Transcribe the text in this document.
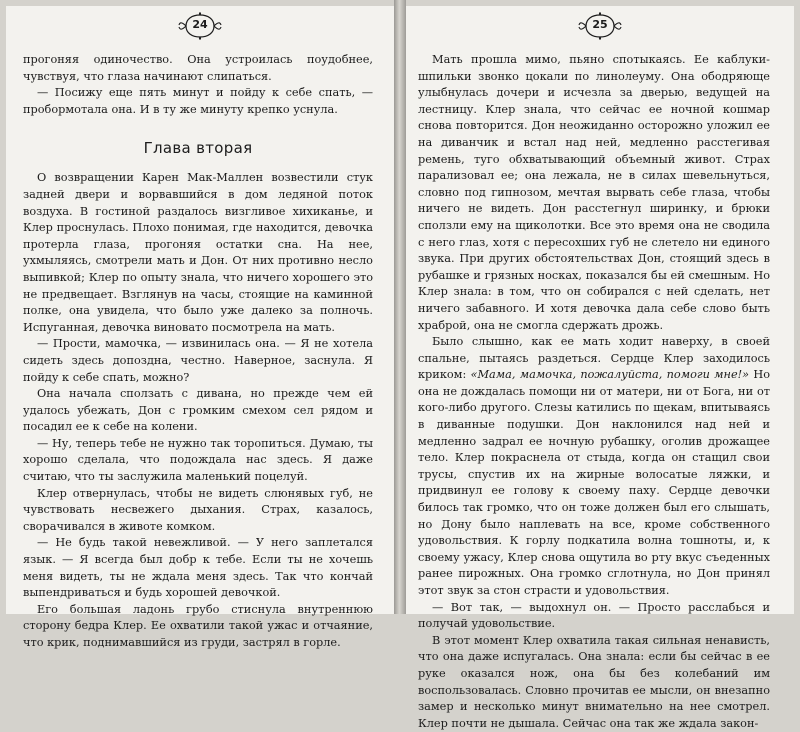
24

прогоняя одиночество. Она устроилась поудобнее, чувствуя, что глаза начинают слипаться.

— Посижу еще пять минут и пойду к себе спать, — пробормотала она. И в ту же минуту крепко уснула.

Глава вторая

О возвращении Карен Мак-Маллен возвестили стук задней двери и ворвавшийся в дом ледяной поток воздуха. В гостиной раздалось визгливое хихиканье, и Клер проснулась. Плохо понимая, где находится, девочка протерла глаза, прогоняя остатки сна. На нее, ухмыляясь, смотрели мать и Дон. От них противно несло выпивкой; Клер по опыту знала, что ничего хорошего это не предвещает. Взглянув на часы, стоящие на каминной полке, она увидела, что было уже далеко за полночь. Испуганная, девочка виновато посмотрела на мать.

— Прости, мамочка, — извинилась она. — Я не хотела сидеть здесь допоздна, честно. Наверное, заснула. Я пойду к себе спать, можно?

Она начала сползать с дивана, но прежде чем ей удалось убежать, Дон с громким смехом сел рядом и посадил ее к себе на колени.

— Ну, теперь тебе не нужно так торопиться. Думаю, ты хорошо сделала, что подождала нас здесь. Я даже считаю, что ты заслужила маленький поцелуй.

Клер отвернулась, чтобы не видеть слюнявых губ, не чувствовать несвежего дыхания. Страх, казалось, сворачивался в животе комком.

— Не будь такой невежливой. — У него заплетался язык. — Я всегда был добр к тебе. Если ты не хочешь меня видеть, ты не ждала меня здесь. Так что кончай выпендриваться и будь хорошей девочкой.

Его большая ладонь грубо стиснула внутреннюю сторону бедра Клер. Ее охватили такой ужас и отчаяние, что крик, поднимавшийся из груди, застрял в горле.

25

Мать прошла мимо, пьяно спотыкаясь. Ее каблуки-шпильки звонко цокали по линолеуму. Она ободряюще улыбнулась дочери и исчезла за дверью, ведущей на лестницу. Клер знала, что сейчас ее ночной кошмар снова повторится. Дон неожиданно осторожно уложил ее на диванчик и встал над ней, медленно расстегивая ремень, туго обхватывающий объемный живот. Страх парализовал ее; она лежала, не в силах шевельнуться, словно под гипнозом, мечтая вырвать себе глаза, чтобы ничего не видеть. Дон расстегнул ширинку, и брюки сползли ему на щиколотки. Все это время она не сводила с него глаз, хотя с пересохших губ не слетело ни единого звука. При других обстоятельствах Дон, стоящий здесь в рубашке и грязных носках, показался бы ей смешным. Но Клер знала: в том, что он собирался с ней сделать, нет ничего забавного. И хотя девочка дала себе слово быть храброй, она не смогла сдержать дрожь.

Было слышно, как ее мать ходит наверху, в своей спальне, пытаясь раздеться. Сердце Клер заходилось криком: «Мама, мамочка, пожалуйста, помоги мне!» Но она не дождалась помощи ни от матери, ни от Бога, ни от кого-либо другого. Слезы катились по щекам, впитываясь в диванные подушки. Дон наклонился над ней и медленно задрал ее ночную рубашку, оголив дрожащее тело. Клер покраснела от стыда, когда он стащил свои трусы, спустив их на жирные волосатые ляжки, и придвинул ее голову к своему паху. Сердце девочки билось так громко, что он тоже должен был его слышать, но Дону было наплевать на все, кроме собственного удовольствия. К горлу подкатила волна тошноты, и, к своему ужасу, Клер снова ощутила во рту вкус съеденных ранее пирожных. Она громко сглотнула, но Дон принял этот звук за стон страсти и удовольствия.

— Вот так, — выдохнул он. — Просто расслабься и получай удовольствие.

В этот момент Клер охватила такая сильная ненависть, что она даже испугалась. Она знала: если бы сейчас в ее руке оказался нож, она бы без колебаний им воспользовалась. Словно прочитав ее мысли, он внезапно замер и несколько минут внимательно на нее смотрел. Клер почти не дышала. Сейчас она так же ждала закон-
